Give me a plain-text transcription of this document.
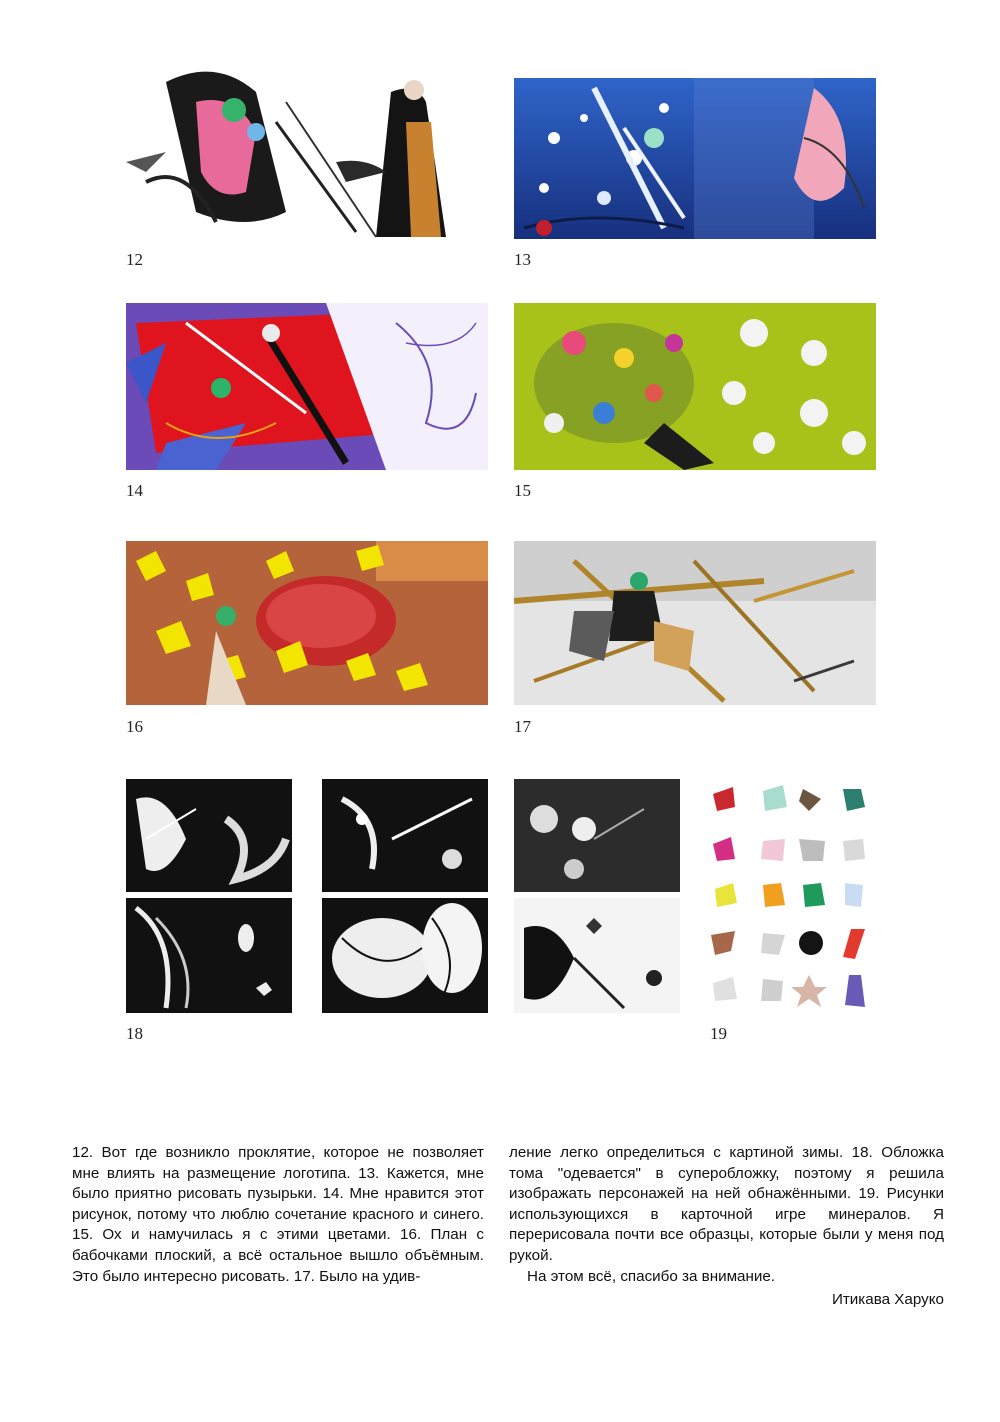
12	13
14	15
16	17
18	19

12. Вот где возникло проклятие, которое не позволяет мне влиять на размещение логотипа. 13. Кажется, мне было приятно рисовать пузырьки. 14. Мне нравится этот рисунок, потому что люблю сочетание красного и синего. 15. Ох и намучилась я с этими цветами. 16. План с бабочками плоский, а всё остальное вышло объёмным. Это было интересно рисовать. 17. Было на удив-

ление легко определиться с картиной зимы. 18. Обложка тома "одевается" в суперобложку, поэтому я решила изображать персонажей на ней обнажёнными. 19. Рисунки использующихся в карточной игре минералов. Я перерисовала почти все образцы, которые были у меня под рукой.

На этом всё, спасибо за внимание.

Итикава Харуко
